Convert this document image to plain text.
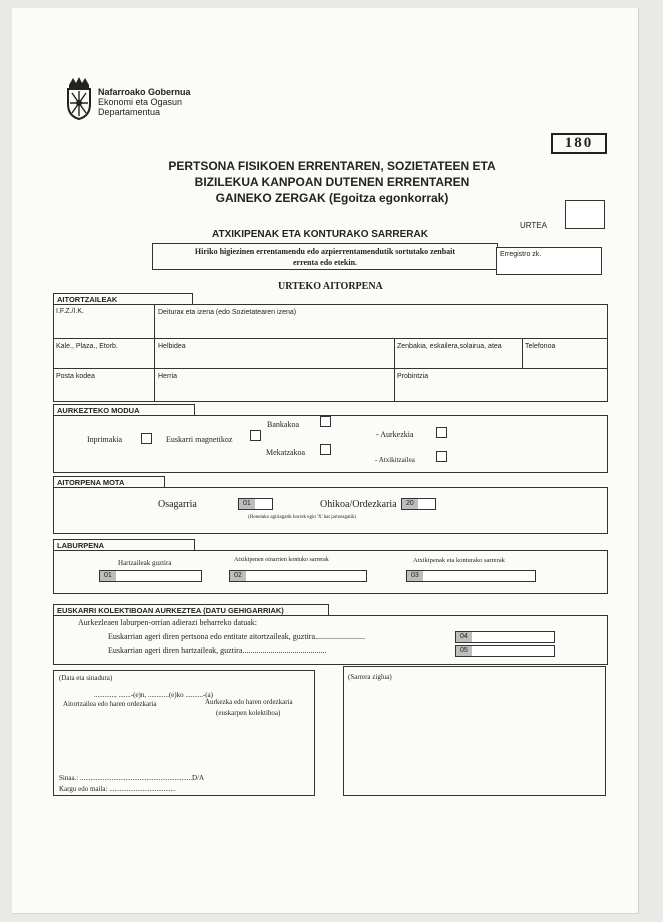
Nafarroako Gobernua
Ekonomi eta Ogasun
Departamentua
180
PERTSONA FISIKOEN ERRENTAREN, SOZIETATEEN ETA
BIZILEKUA KANPOAN DUTENEN ERRENTAREN
GAINEKO ZERGAK (Egoitza egonkorrak)
URTEA
ATXIKIPENAK ETA KONTURAKO SARRERAK
Hiriko higiezinen errentamendu edo azpierrentamendutik sortutako zenbait
errenta edo etekin.
Erregistro zk.
URTEKO AITORPENA
AITORTZAILEAK
I.F.Z./I.K.	Deituraк eta izena (edo Sozietatearen izena)
Kale., Plaza., Etorb.	Helbidea	Zenbakia, eskailera,solairua, atea	Telefonoa
Posta kodea	Herria	Probintzia
AURKEZTEKO MODUA
Inprimakia	Euskarri magnetikoz
Bankakoa
Mekatzakoa
- Aurkezkia
- Atxikitzailea
AITORPENA MOTA
Osagarria	01	Ohikoa/Ordezkaria	20
(Honetako agiriagatik horrek egin 'X' bat jartzeagatik)
LABURPENA
Hartzaileak guztira
01
Atxikipenen oinarrien kontuko sarrerak
02
Atxikipenak eta konturako sarrerak
03
EUSKARRI KOLEKTIBOAN AURKEZTEA (DATU GEHIGARRIAK)
Aurkezleaen laburpen-orrian adierazi beharreko datuak:
Euskarrian ageri diren pertsona edo entitate aitortzaileak, guztira.........................	04
Euskarrian ageri diren hartzaileak, guztira..........................................	05
(Data eta sinadura)
............, .......-(e)n, ............(e)ko ..........-(a)
Aitortzailea edo haren ordezkaria	Aurkezka edo haren ordezkaria
(euskarpen kolektiboa)
Sinaa.: ................................................................D/A
Kargu edo maila: ......................................
(Sarrera ziglua)
